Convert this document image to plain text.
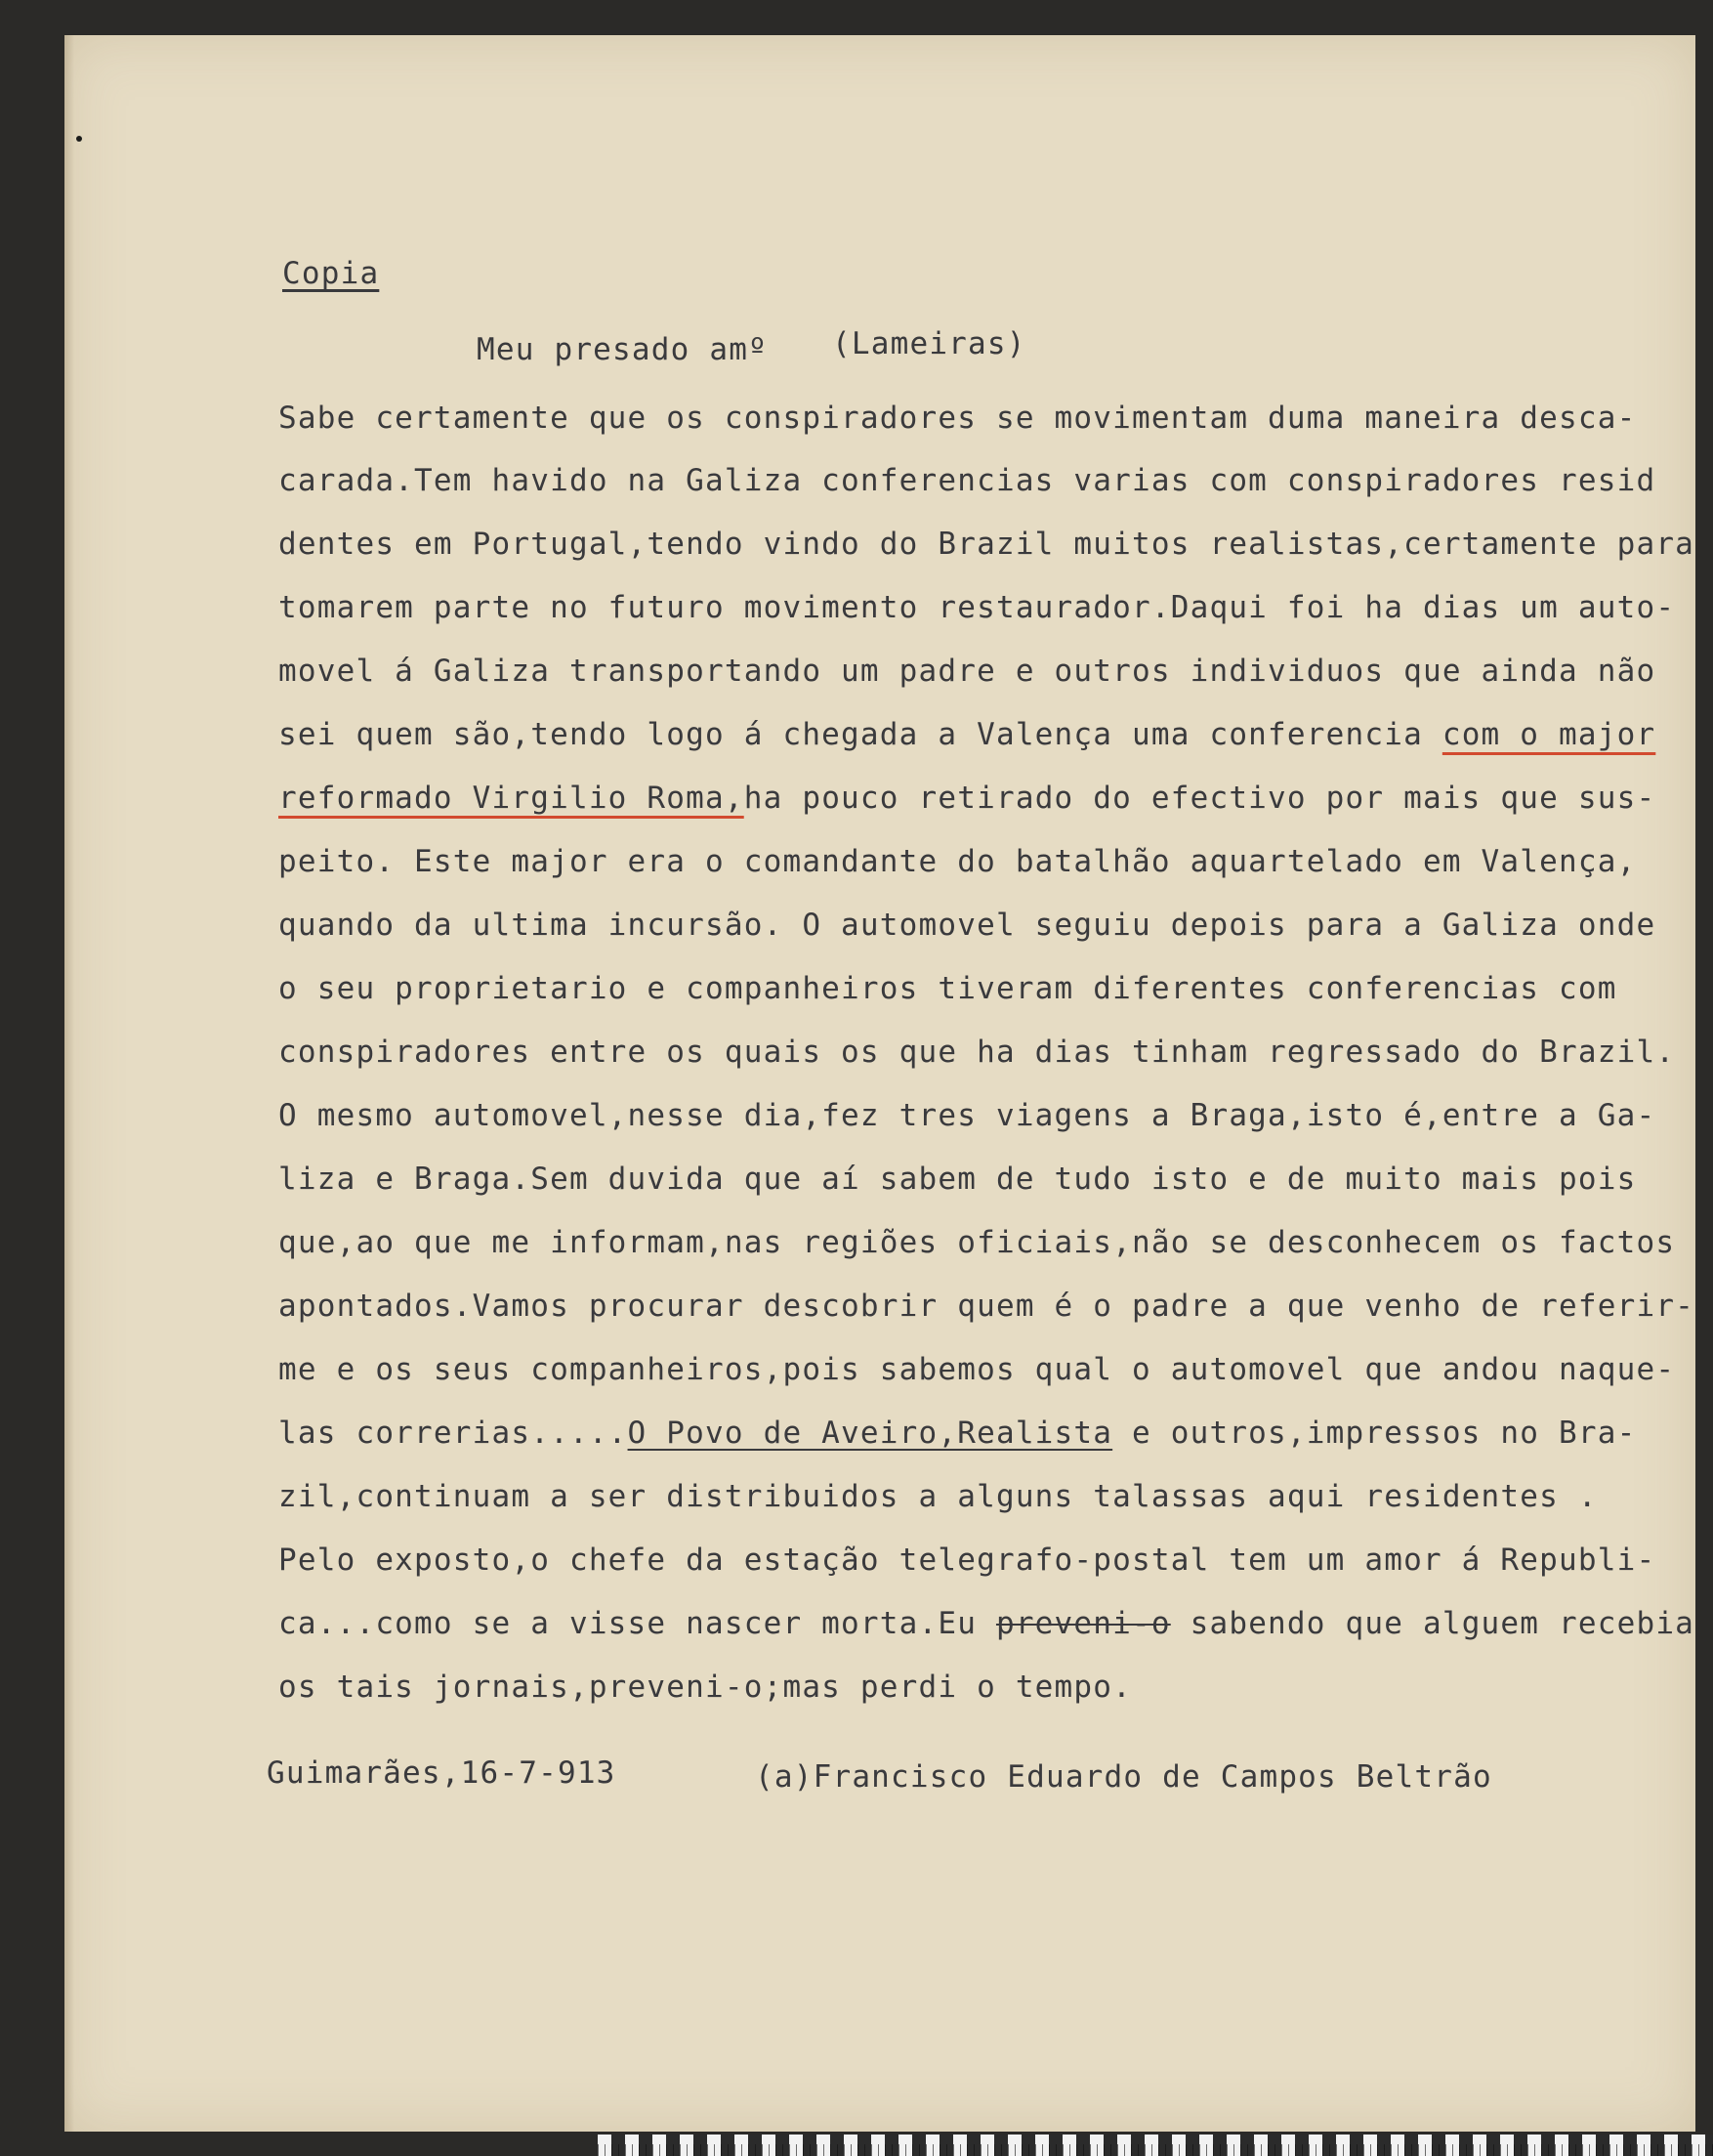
Copia
Meu presado amº (Lameiras)
Sabe certamente que os conspiradores se movimentam duma maneira desca-
carada.Tem havido na Galiza conferencias varias com conspiradores resid
dentes em Portugal,tendo vindo do Brazil muitos realistas,certamente para
tomarem parte no futuro movimento restaurador.Daqui foi ha dias um auto-
movel á Galiza transportando um padre e outros individuos que ainda não
sei quem são,tendo logo á chegada a Valença uma conferencia com o major
reformado Virgilio Roma,ha pouco retirado do efectivo por mais que sus-
peito. Este major era o comandante do batalhão aquartelado em Valença,
quando da ultima incursão. O automovel seguiu depois para a Galiza onde
o seu proprietario e companheiros tiveram diferentes conferencias com
conspiradores entre os quais os que ha dias tinham regressado do Brazil.
O mesmo automovel,nesse dia,fez tres viagens a Braga,isto é,entre a Ga-
liza e Braga.Sem duvida que aí sabem de tudo isto e de muito mais pois
que,ao que me informam,nas regiões oficiais,não se desconhecem os factos
apontados.Vamos procurar descobrir quem é o padre a que venho de referir-
me e os seus companheiros,pois sabemos qual o automovel que andou naque-
las correrias.....O Povo de Aveiro,Realista e outros,impressos no Bra-
zil,continuam a ser distribuidos a alguns talassas aqui residentes .
Pelo exposto,o chefe da estação telegrafo-postal tem um amor á Republi-
ca...como se a visse nascer morta.Eu preveni-o sabendo que alguem recebia
os tais jornais,preveni-o;mas perdi o tempo.
Guimarães,16-7-913	(a)Francisco Eduardo de Campos Beltrão
